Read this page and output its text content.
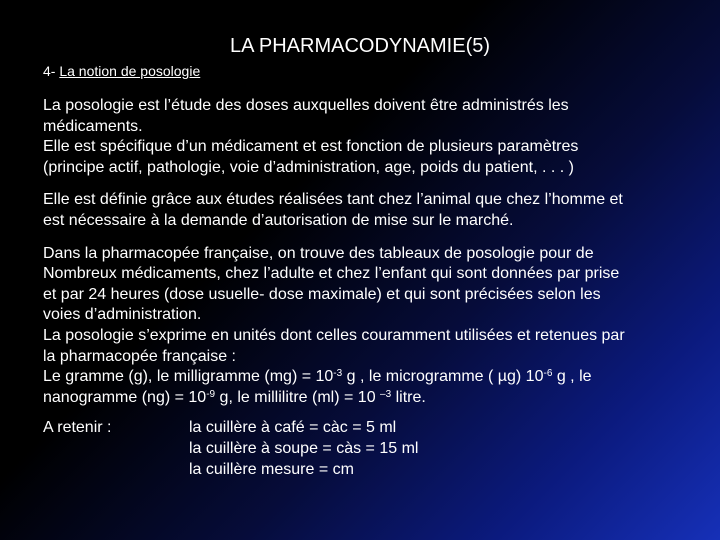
LA PHARMACODYNAMIE(5)
4- La notion de posologie
La posologie est l’étude des doses auxquelles doivent être administrés les
médicaments.
Elle est spécifique d’un médicament et est fonction de plusieurs paramètres
(principe actif, pathologie, voie d’administration, age, poids du patient, . . . )
Elle est définie grâce aux études réalisées tant chez l’animal que chez l’homme et
est nécessaire à la demande d’autorisation de mise sur le marché.
Dans la pharmacopée française, on trouve des tableaux de posologie pour de
Nombreux médicaments, chez l’adulte et chez l’enfant qui sont données par prise
et par 24 heures (dose usuelle- dose maximale) et qui sont précisées selon les
voies d’administration.
La posologie s’exprime en unités dont celles couramment utilisées et retenues par
la pharmacopée française :
Le gramme (g), le milligramme $(mg) = 10^{-3}$ g , le microgramme ( µg) $10^{-6}$ g , le
nanogramme $(ng) = 10^{-9}$ g, le millilitre (ml) = 10 $^{-3}$ litre.
A retenir :	la cuillère à café = càc = 5 ml
la cuillère à soupe = càs = 15 ml
la cuillère mesure = cm
